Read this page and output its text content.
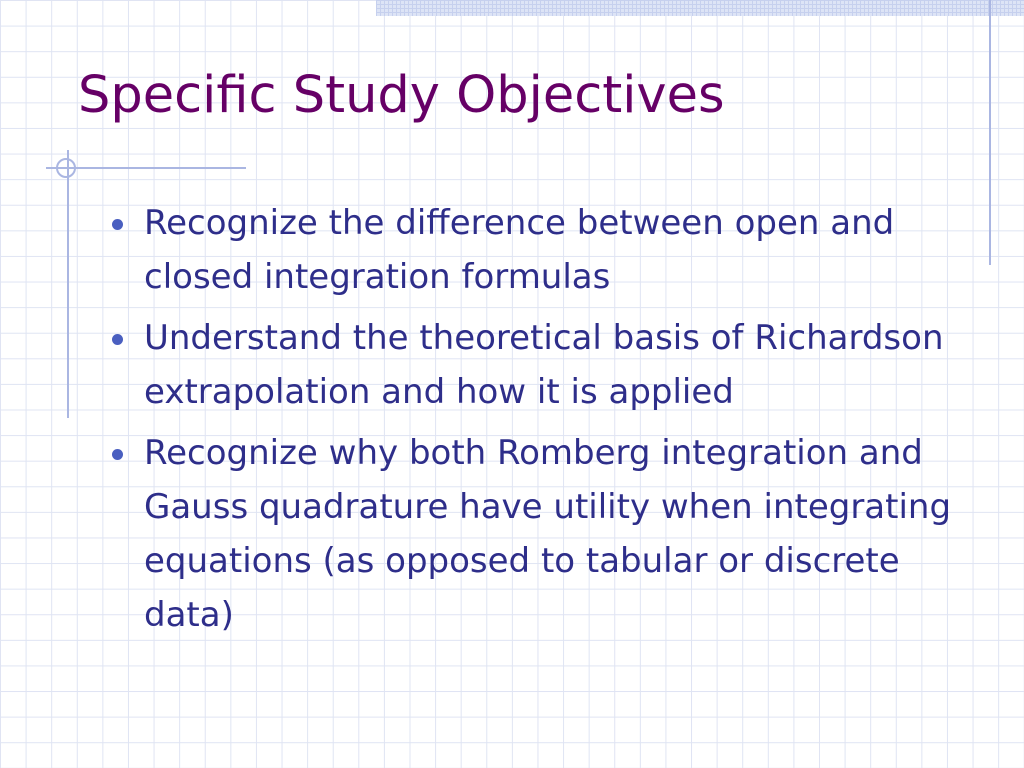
Specific Study Objectives
Recognize the difference between open and closed integration formulas
Understand the theoretical basis of Richardson extrapolation and how it is applied
Recognize why both Romberg integration and Gauss quadrature have utility when integrating equations (as opposed to tabular or discrete data)
